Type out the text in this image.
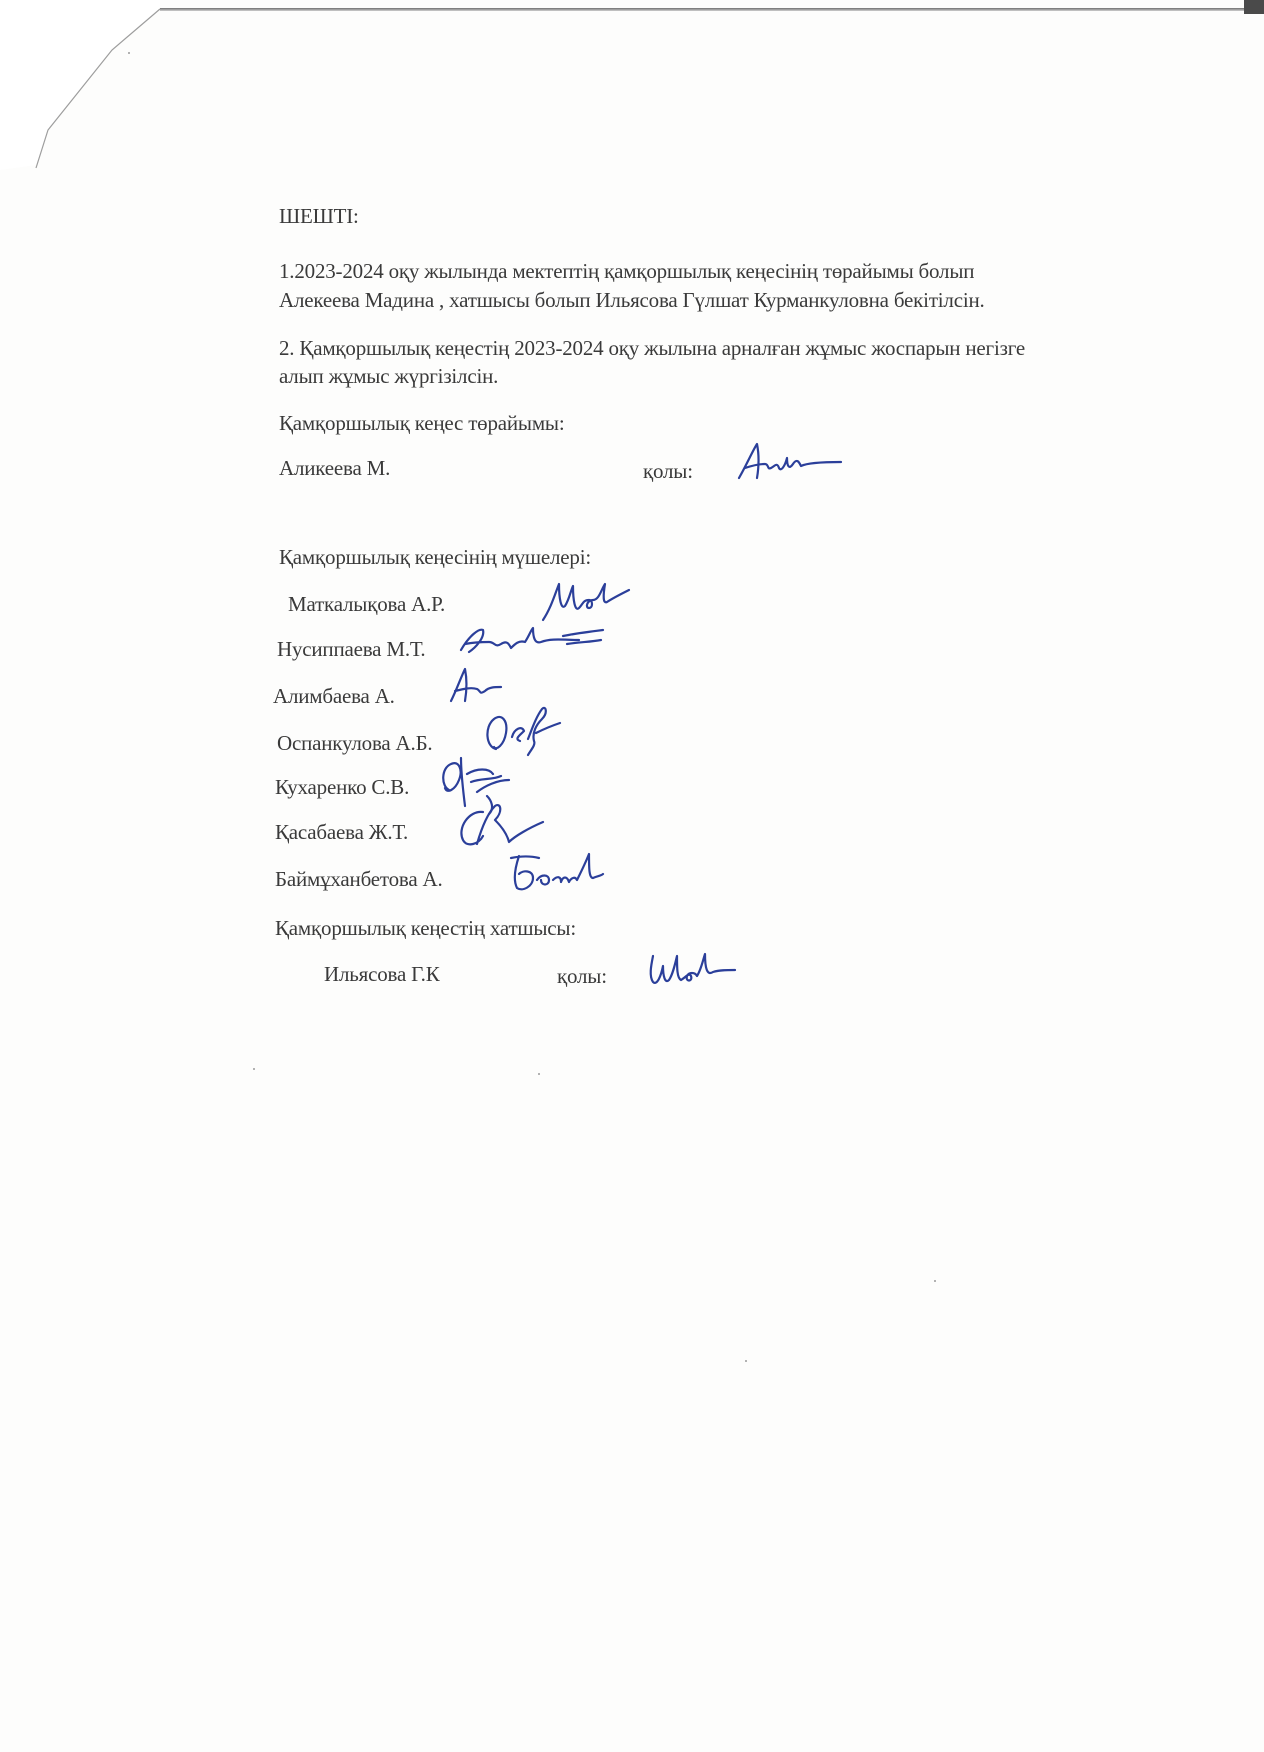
ШЕШТІ:
1.2023-2024 оқу жылында мектептің қамқоршылық кеңесінің төрайымы болып
Алекеева Мадина , хатшысы болып Ильясова Гүлшат Курманкуловна бекітілсін.
2. Қамқоршылық кеңестің 2023-2024 оқу жылына арналған жұмыс жоспарын негізге
алып жұмыс жүргізілсін.
Қамқоршылық кеңес төрайымы:
Аликеева М.	қолы:
Қамқоршылық кеңесінің мүшелері:
Маткалықова А.Р.
Нусиппаева М.Т.
Алимбаева А.
Оспанкулова А.Б.
Кухаренко С.В.
Қасабаева Ж.Т.
Баймұханбетова А.
Қамқоршылық кеңестің хатшысы:
Ильясова Г.К	қолы:
